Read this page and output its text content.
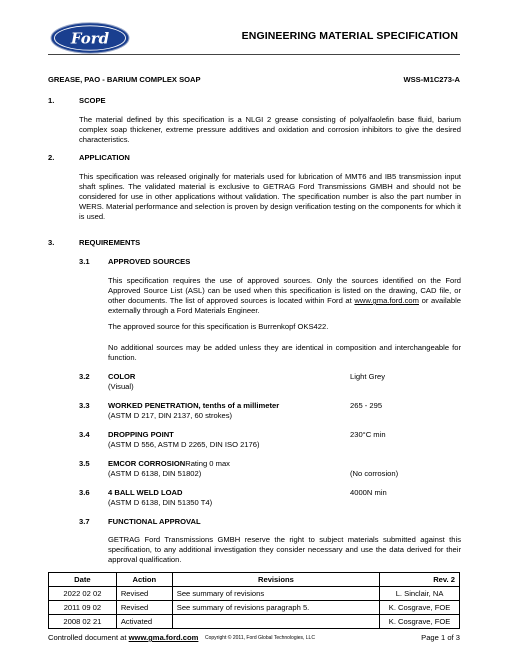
Ford	ENGINEERING MATERIAL SPECIFICATION
GREASE, PAO - BARIUM COMPLEX SOAP	WSS-M1C273-A
1.	SCOPE
The material defined by this specification is a NLGI 2 grease consisting of polyalfaolefin base fluid, barium complex soap thickener, extreme pressure additives and oxidation and corrosion inhibitors to give the desired characteristics.
2.	APPLICATION
This specification was released originally for materials used for lubrication of MMT6 and IB5 transmission input shaft splines. The validated material is exclusive to GETRAG Ford Transmissions GMBH and should not be considered for use in other applications without validation. The specification number is also the part number in WERS. Material performance and selection is proven by design verification testing on the components for which it is used.
3.	REQUIREMENTS
3.1 APPROVED SOURCES
This specification requires the use of approved sources. Only the sources identified on the Ford Approved Source List (ASL) can be used when this specification is listed on the drawing, CAD file, or other documents. The list of approved sources is located within Ford at www.gma.ford.com or available externally through a Ford Materials Engineer.
The approved source for this specification is Burrenkopf OKS422.
No additional sources may be added unless they are identical in composition and interchangeable for function.
3.2 COLOR
(Visual)
Light Grey
3.3 WORKED PENETRATION, tenths of a millimeter
(ASTM D 217, DIN 2137, 60 strokes)
265 - 295
3.4 DROPPING POINT
(ASTM D 556, ASTM D 2265, DIN ISO 2176)
230°C min
3.5 EMCOR CORROSIONRating 0 max
(ASTM D 6138, DIN 51802)	(No corrosion)
3.6 4 BALL WELD LOAD
(ASTM D 6138, DIN 51350 T4)
4000N min
3.7 FUNCTIONAL APPROVAL
GETRAG Ford Transmissions GMBH reserve the right to subject materials submitted against this specification, to any additional investigation they consider necessary and use the data derived for their approval qualification.
Date	Action	Revisions	Rev. 2
2022 02 02	Revised	See summary of revisions	L. Sinclair, NA
2011 09 02	Revised	See summary of revisions paragraph 5.	K. Cosgrave, FOE
2008 02 21	Activated		K. Cosgrave, FOE
Controlled document at www.gma.ford.com Copyright © 2011, Ford Global Technologies, LLC	Page 1 of 3
